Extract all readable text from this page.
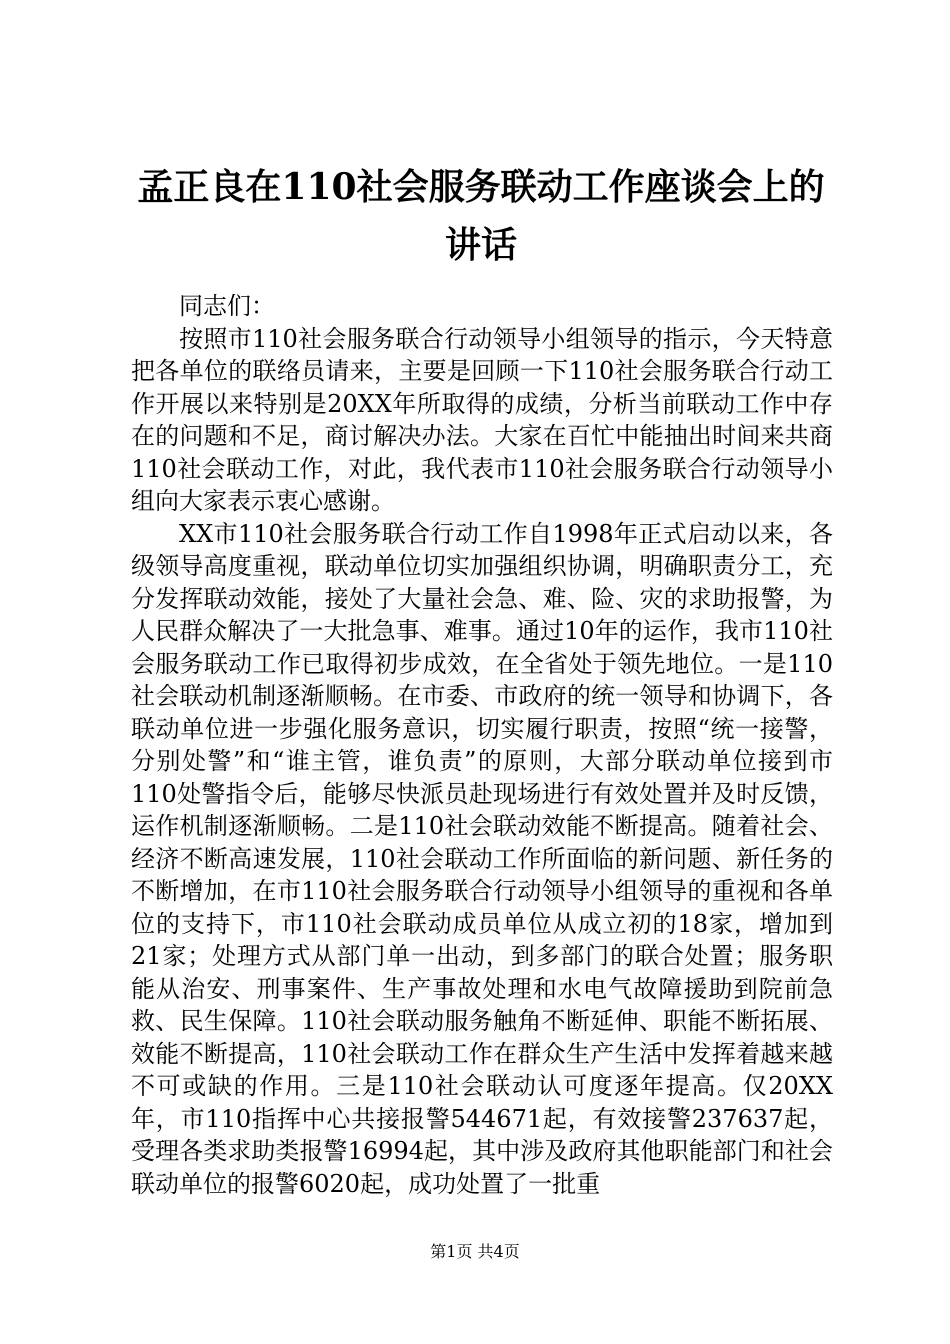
孟正良在110社会服务联动工作座谈会上的讲话

同志们：

按照市110社会服务联合行动领导小组领导的指示，今天特意把各单位的联络员请来，主要是回顾一下110社会服务联合行动工作开展以来特别是20XX年所取得的成绩，分析当前联动工作中存在的问题和不足，商讨解决办法。大家在百忙中能抽出时间来共商110社会联动工作，对此，我代表市110社会服务联合行动领导小组向大家表示衷心感谢。

XX市110社会服务联合行动工作自1998年正式启动以来，各级领导高度重视，联动单位切实加强组织协调，明确职责分工，充分发挥联动效能，接处了大量社会急、难、险、灾的求助报警，为人民群众解决了一大批急事、难事。通过10年的运作，我市110社会服务联动工作已取得初步成效，在全省处于领先地位。一是110社会联动机制逐渐顺畅。在市委、市政府的统一领导和协调下，各联动单位进一步强化服务意识，切实履行职责，按照“统一接警，分别处警”和“谁主管，谁负责”的原则，大部分联动单位接到市110处警指令后，能够尽快派员赴现场进行有效处置并及时反馈，运作机制逐渐顺畅。二是110社会联动效能不断提高。随着社会、经济不断高速发展，110社会联动工作所面临的新问题、新任务的不断增加，在市110社会服务联合行动领导小组领导的重视和各单位的支持下，市110社会联动成员单位从成立初的18家，增加到21家；处理方式从部门单一出动，到多部门的联合处置；服务职能从治安、刑事案件、生产事故处理和水电气故障援助到院前急救、民生保障。110社会联动服务触角不断延伸、职能不断拓展、效能不断提高，110社会联动工作在群众生产生活中发挥着越来越不可或缺的作用。三是110社会联动认可度逐年提高。仅20XX年，市110指挥中心共接报警544671起，有效接警237637起，受理各类求助类报警16994起，其中涉及政府其他职能部门和社会联动单位的报警6020起，成功处置了一批重

第1页 共4页
